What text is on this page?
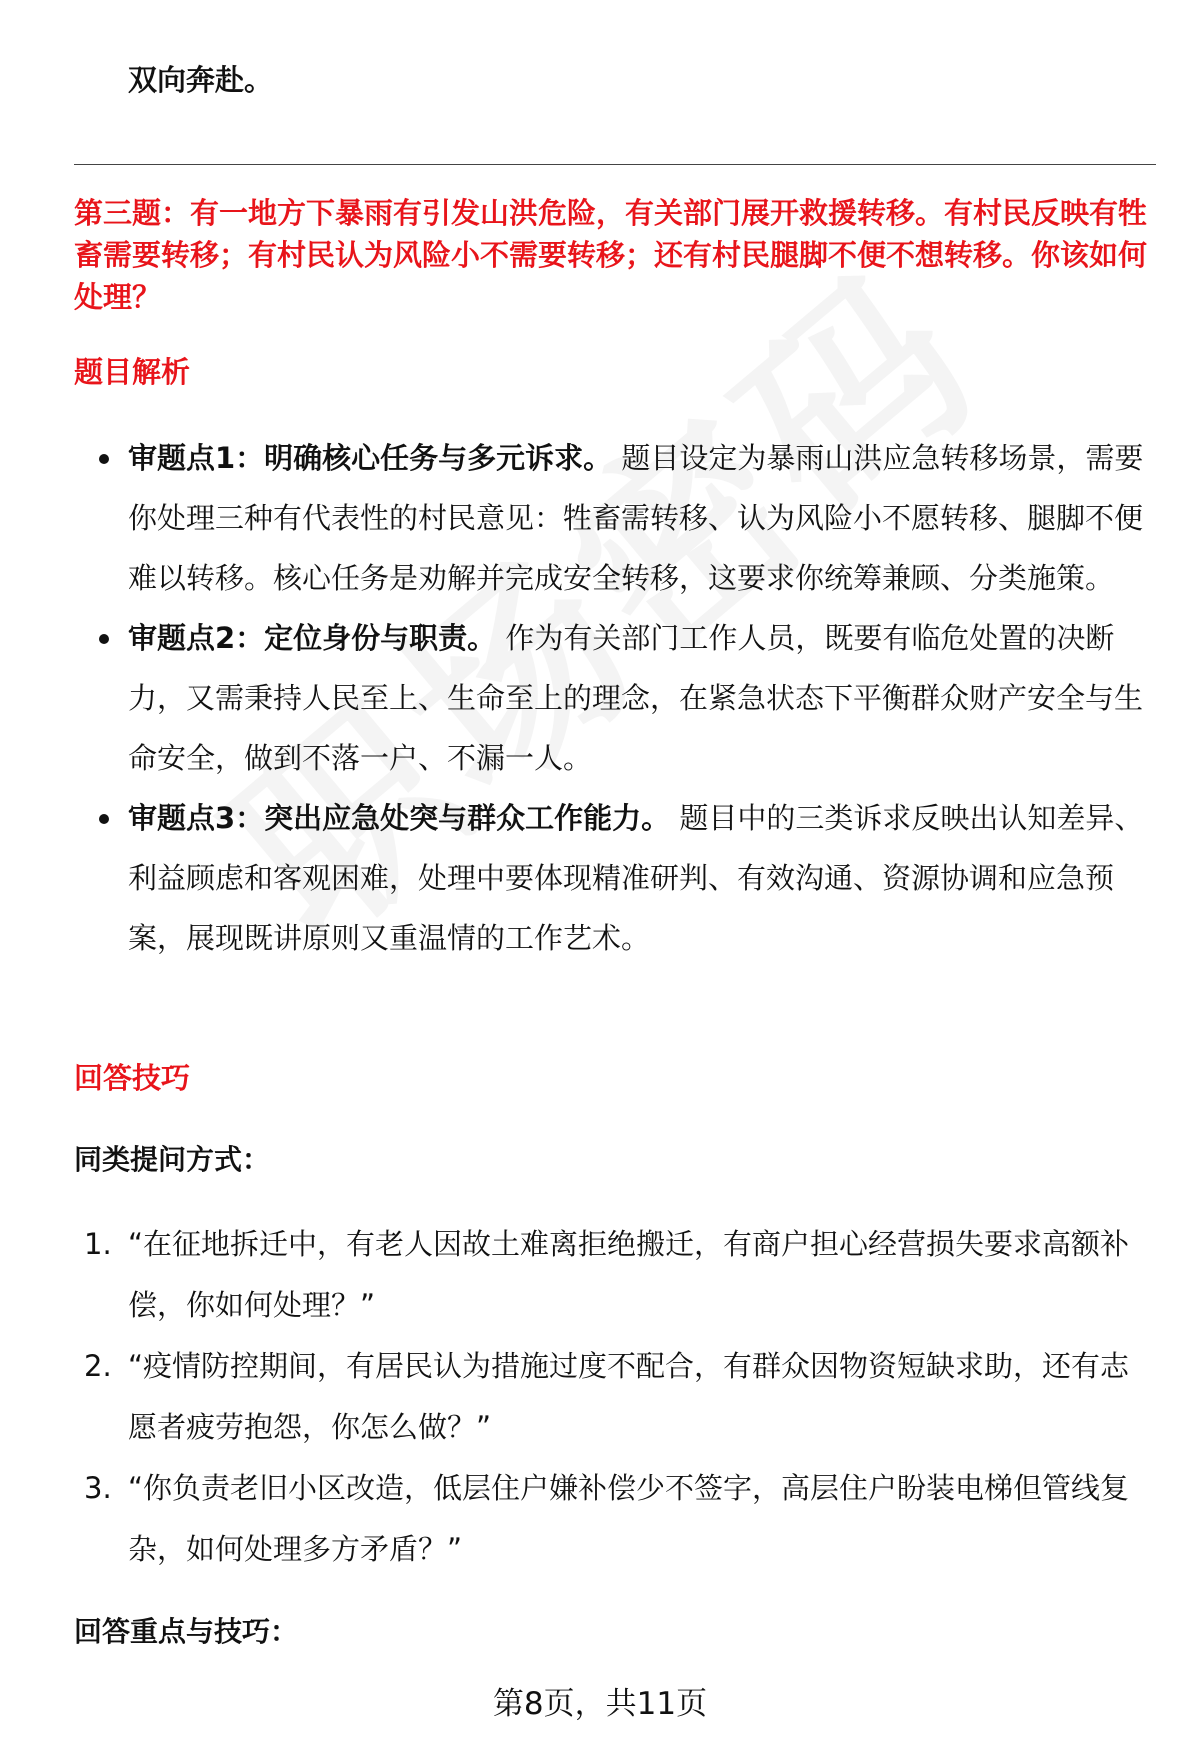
双向奔赴。
第三题：有一地方下暴雨有引发山洪危险，有关部门展开救援转移。有村民反映有牲畜需要转移；有村民认为风险小不需要转移；还有村民腿脚不便不想转移。你该如何处理？
题目解析
审题点1：明确核心任务与多元诉求。 题目设定为暴雨山洪应急转移场景，需要你处理三种有代表性的村民意见：牲畜需转移、认为风险小不愿转移、腿脚不便难以转移。核心任务是劝解并完成安全转移，这要求你统筹兼顾、分类施策。
审题点2：定位身份与职责。 作为有关部门工作人员，既要有临危处置的决断力，又需秉持人民至上、生命至上的理念，在紧急状态下平衡群众财产安全与生命安全，做到不落一户、不漏一人。
审题点3：突出应急处突与群众工作能力。 题目中的三类诉求反映出认知差异、利益顾虑和客观困难，处理中要体现精准研判、有效沟通、资源协调和应急预案，展现既讲原则又重温情的工作艺术。
回答技巧
同类提问方式：
1. “在征地拆迁中，有老人因故土难离拒绝搬迁，有商户担心经营损失要求高额补偿，你如何处理？”
2. “疫情防控期间，有居民认为措施过度不配合，有群众因物资短缺求助，还有志愿者疲劳抱怨，你怎么做？”
3. “你负责老旧小区改造，低层住户嫌补偿少不签字，高层住户盼装电梯但管线复杂，如何处理多方矛盾？”
回答重点与技巧：
第8页，共11页
